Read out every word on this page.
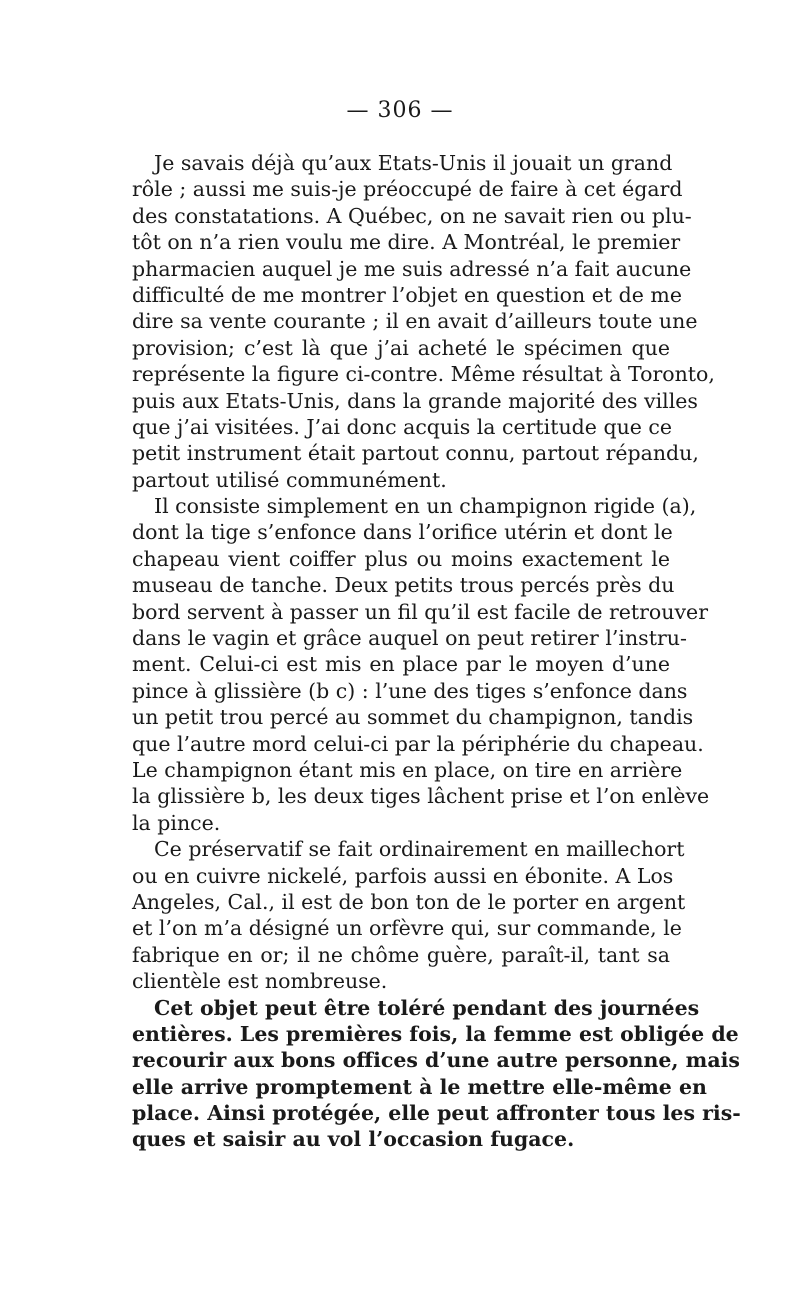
— 306 —
Je savais déjà qu’aux Etats-Unis il jouait un grand
rôle ; aussi me suis-je préoccupé de faire à cet égard
des constatations. A Québec, on ne savait rien ou plu-
tôt on n’a rien voulu me dire. A Montréal, le premier
pharmacien auquel je me suis adressé n’a fait aucune
difficulté de me montrer l’objet en question et de me
dire sa vente courante ; il en avait d’ailleurs toute une
provision; c’est là que j’ai acheté le spécimen que
représente la figure ci-contre. Même résultat à Toronto,
puis aux Etats-Unis, dans la grande majorité des villes
que j’ai visitées. J’ai donc acquis la certitude que ce
petit instrument était partout connu, partout répandu,
partout utilisé communément.
Il consiste simplement en un champignon rigide (a),
dont la tige s’enfonce dans l’orifice utérin et dont le
chapeau vient coiffer plus ou moins exactement le
museau de tanche. Deux petits trous percés près du
bord servent à passer un fil qu’il est facile de retrouver
dans le vagin et grâce auquel on peut retirer l’instru-
ment. Celui-ci est mis en place par le moyen d’une
pince à glissière (b c) : l’une des tiges s’enfonce dans
un petit trou percé au sommet du champignon, tandis
que l’autre mord celui-ci par la périphérie du chapeau.
Le champignon étant mis en place, on tire en arrière
la glissière b, les deux tiges lâchent prise et l’on enlève
la pince.
Ce préservatif se fait ordinairement en maillechort
ou en cuivre nickelé, parfois aussi en ébonite. A Los
Angeles, Cal., il est de bon ton de le porter en argent
et l’on m’a désigné un orfèvre qui, sur commande, le
fabrique en or; il ne chôme guère, paraît-il, tant sa
clientèle est nombreuse.
Cet objet peut être toléré pendant des journées
entières. Les premières fois, la femme est obligée de
recourir aux bons offices d’une autre personne, mais
elle arrive promptement à le mettre elle-même en
place. Ainsi protégée, elle peut affronter tous les ris-
ques et saisir au vol l’occasion fugace.
